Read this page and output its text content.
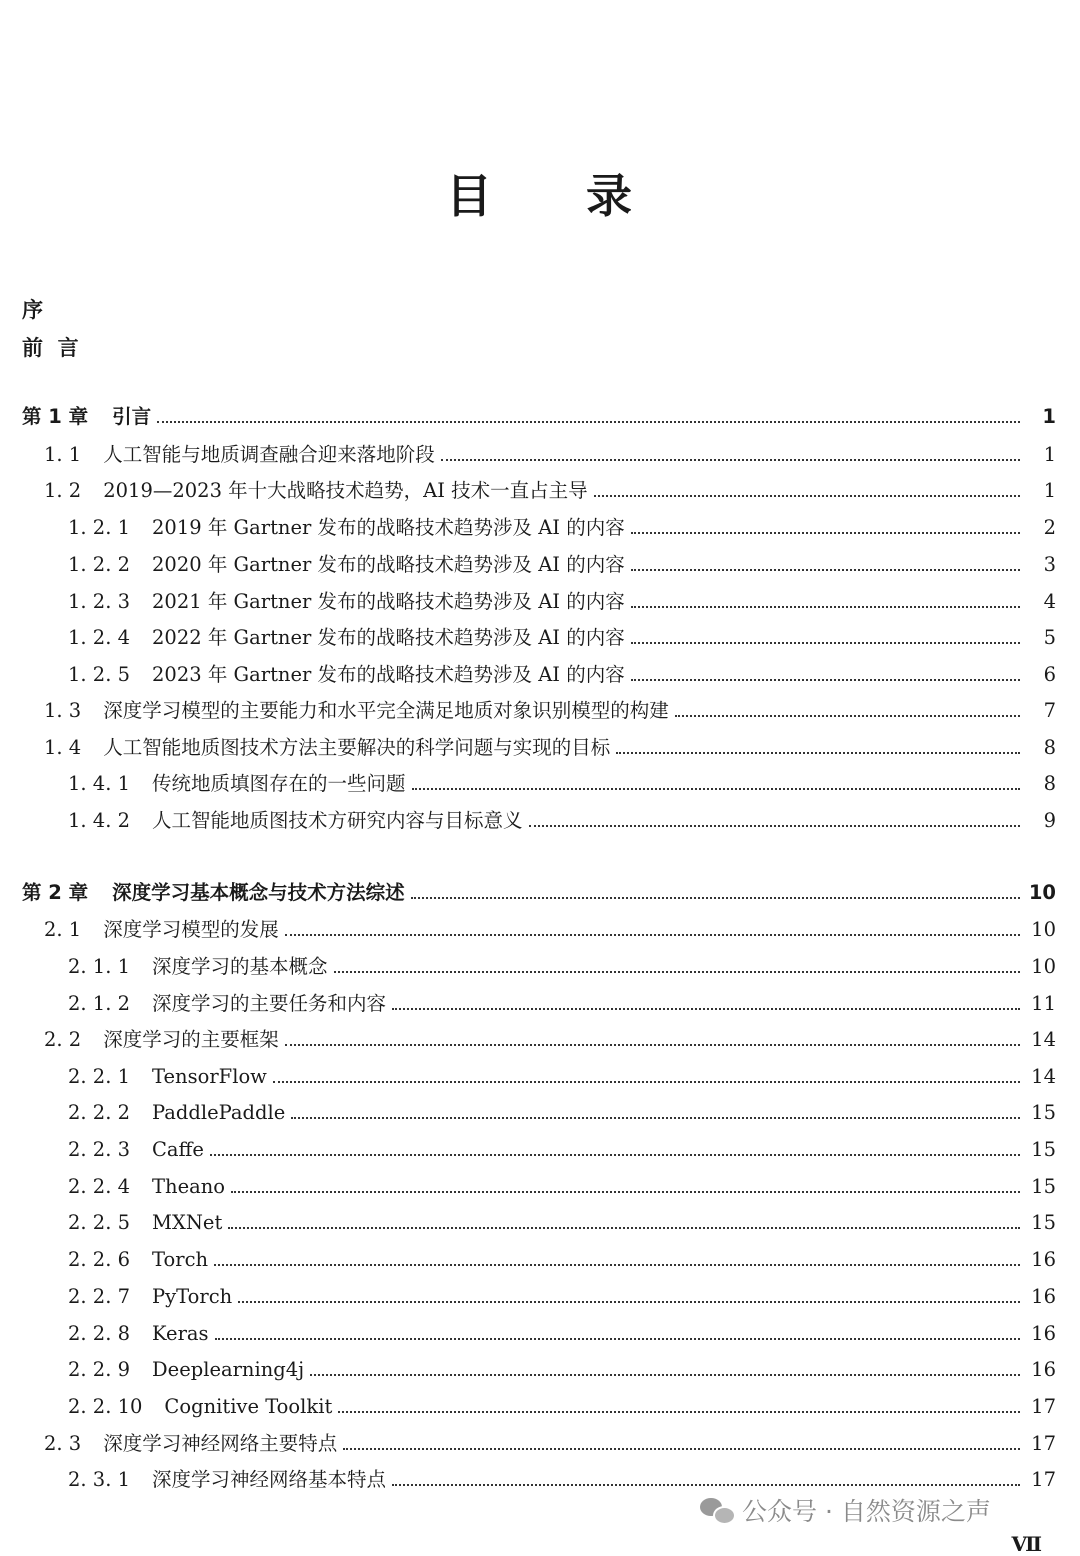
目 录
序
前  言
第 1 章	引言	1
1. 1	人工智能与地质调查融合迎来落地阶段	1
1. 2	2019—2023 年十大战略技术趋势，AI 技术一直占主导	1
1. 2. 1	2019 年 Gartner 发布的战略技术趋势涉及 AI 的内容	2
1. 2. 2	2020 年 Gartner 发布的战略技术趋势涉及 AI 的内容	3
1. 2. 3	2021 年 Gartner 发布的战略技术趋势涉及 AI 的内容	4
1. 2. 4	2022 年 Gartner 发布的战略技术趋势涉及 AI 的内容	5
1. 2. 5	2023 年 Gartner 发布的战略技术趋势涉及 AI 的内容	6
1. 3	深度学习模型的主要能力和水平完全满足地质对象识别模型的构建	7
1. 4	人工智能地质图技术方法主要解决的科学问题与实现的目标	8
1. 4. 1	传统地质填图存在的一些问题	8
1. 4. 2	人工智能地质图技术方研究内容与目标意义	9
第 2 章	深度学习基本概念与技术方法综述	10
2. 1	深度学习模型的发展	10
2. 1. 1	深度学习的基本概念	10
2. 1. 2	深度学习的主要任务和内容	11
2. 2	深度学习的主要框架	14
2. 2. 1	TensorFlow	14
2. 2. 2	PaddlePaddle	15
2. 2. 3	Caffe	15
2. 2. 4	Theano	15
2. 2. 5	MXNet	15
2. 2. 6	Torch	16
2. 2. 7	PyTorch	16
2. 2. 8	Keras	16
2. 2. 9	Deeplearning4j	16
2. 2. 10	Cognitive Toolkit	17
2. 3	深度学习神经网络主要特点	17
2. 3. 1	深度学习神经网络基本特点	17
公众号 · 自然资源之声
Ⅶ
